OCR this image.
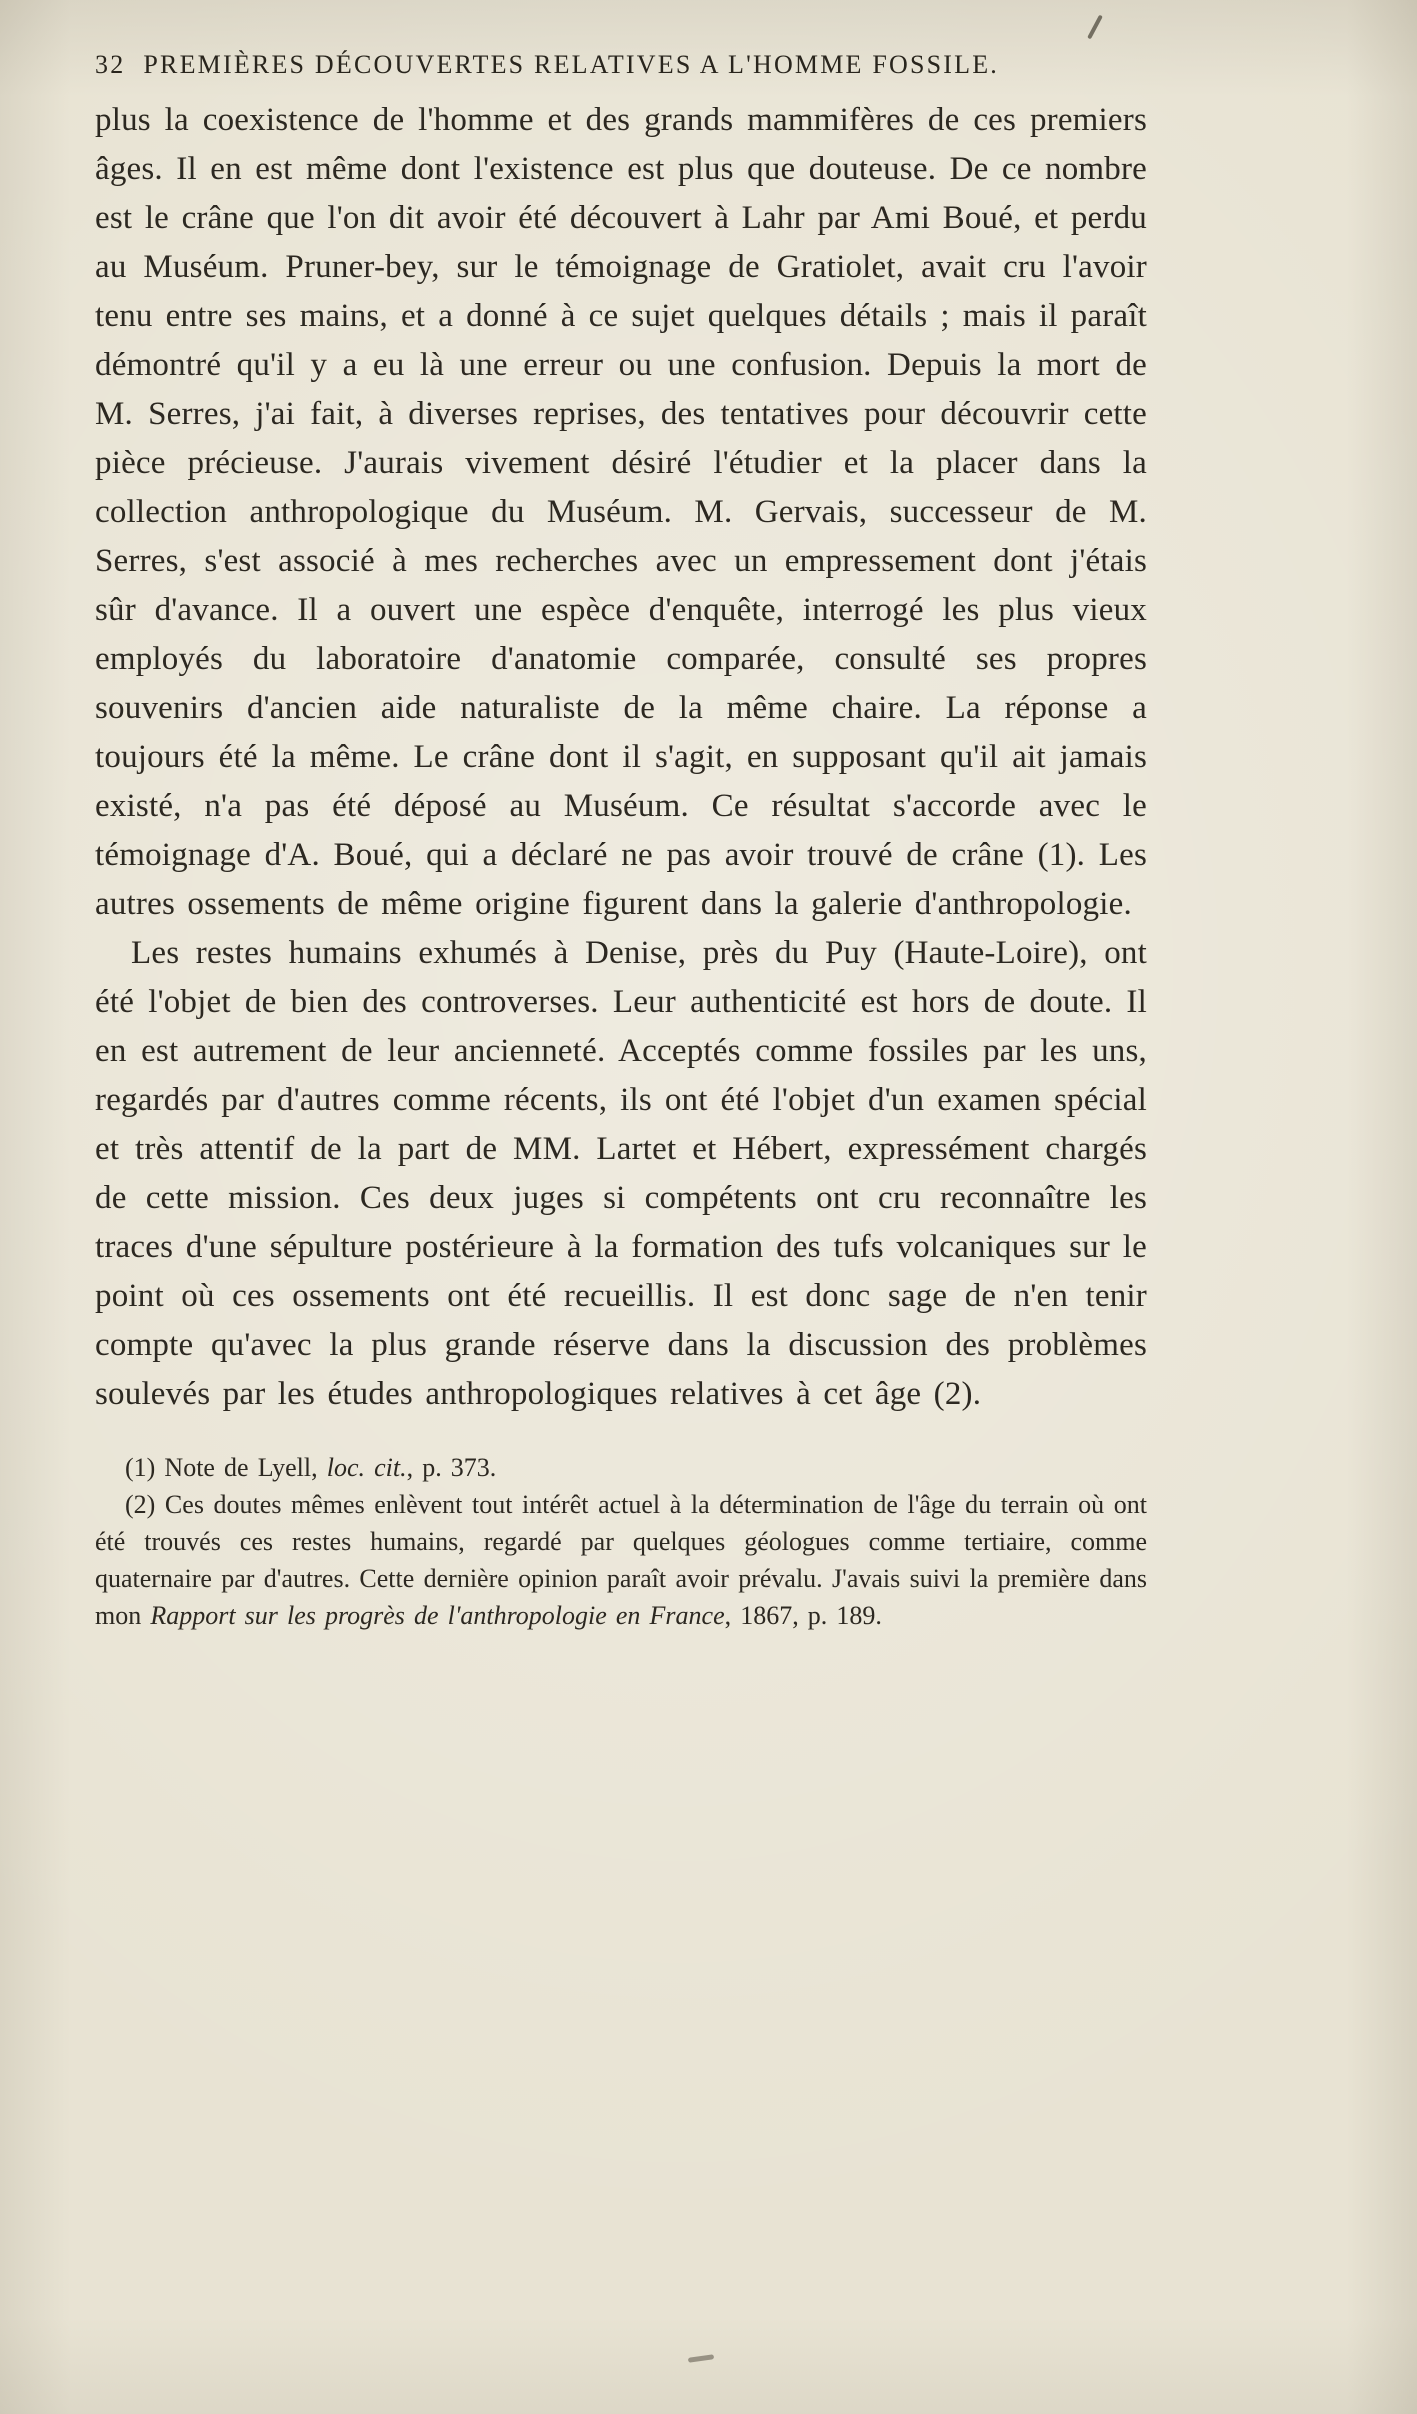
32 PREMIÈRES DÉCOUVERTES RELATIVES A L'HOMME FOSSILE.

plus la coexistence de l'homme et des grands mammifères de ces premiers âges. Il en est même dont l'existence est plus que douteuse. De ce nombre est le crâne que l'on dit avoir été découvert à Lahr par Ami Boué, et perdu au Muséum. Pruner-bey, sur le témoignage de Gratiolet, avait cru l'avoir tenu entre ses mains, et a donné à ce sujet quelques détails ; mais il paraît démontré qu'il y a eu là une erreur ou une confusion. Depuis la mort de M. Serres, j'ai fait, à diverses reprises, des tentatives pour découvrir cette pièce précieuse. J'aurais vivement désiré l'étudier et la placer dans la collection anthropologique du Muséum. M. Gervais, successeur de M. Serres, s'est associé à mes recherches avec un empressement dont j'étais sûr d'avance. Il a ouvert une espèce d'enquête, interrogé les plus vieux employés du laboratoire d'anatomie comparée, consulté ses propres souvenirs d'ancien aide naturaliste de la même chaire. La réponse a toujours été la même. Le crâne dont il s'agit, en supposant qu'il ait jamais existé, n'a pas été déposé au Muséum. Ce résultat s'accorde avec le témoignage d'A. Boué, qui a déclaré ne pas avoir trouvé de crâne (1). Les autres ossements de même origine figurent dans la galerie d'anthropologie.

Les restes humains exhumés à Denise, près du Puy (Haute-Loire), ont été l'objet de bien des controverses. Leur authenticité est hors de doute. Il en est autrement de leur ancienneté. Acceptés comme fossiles par les uns, regardés par d'autres comme récents, ils ont été l'objet d'un examen spécial et très attentif de la part de MM. Lartet et Hébert, expressément chargés de cette mission. Ces deux juges si compétents ont cru reconnaître les traces d'une sépulture postérieure à la formation des tufs volcaniques sur le point où ces ossements ont été recueillis. Il est donc sage de n'en tenir compte qu'avec la plus grande réserve dans la discussion des problèmes soulevés par les études anthropologiques relatives à cet âge (2).

(1) Note de Lyell, loc. cit., p. 373.

(2) Ces doutes mêmes enlèvent tout intérêt actuel à la détermination de l'âge du terrain où ont été trouvés ces restes humains, regardé par quelques géologues comme tertiaire, comme quaternaire par d'autres. Cette dernière opinion paraît avoir prévalu. J'avais suivi la première dans mon Rapport sur les progrès de l'anthropologie en France, 1867, p. 189.
